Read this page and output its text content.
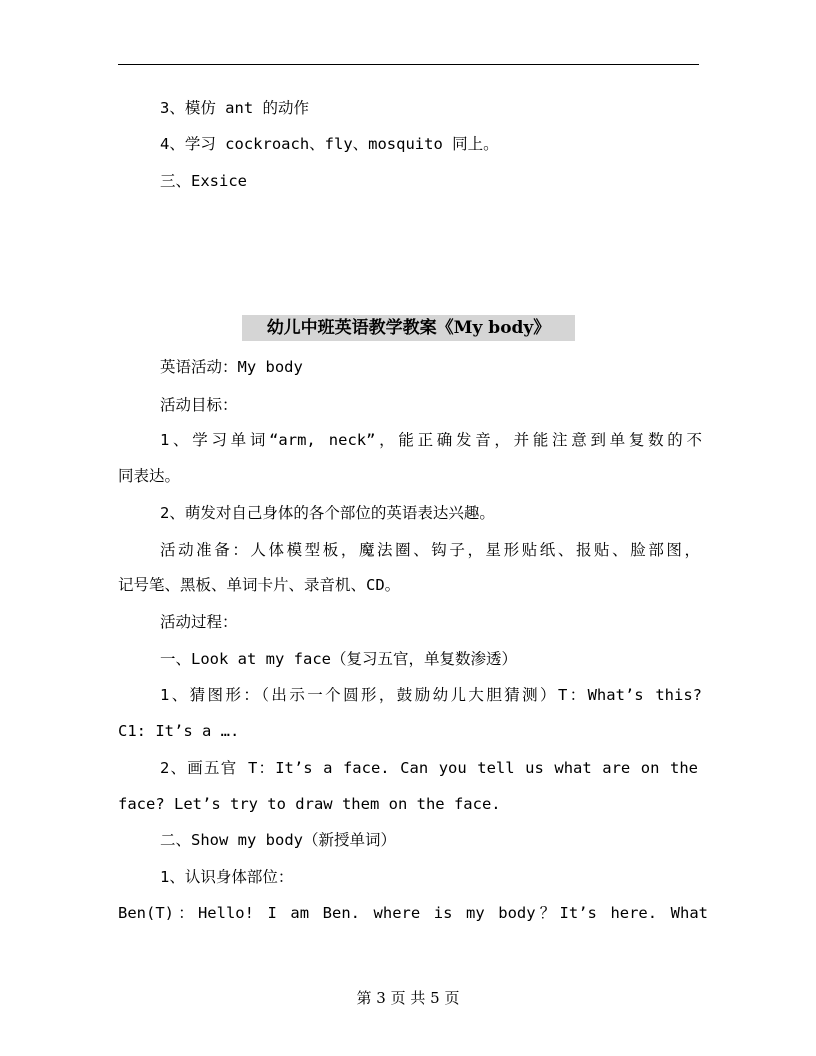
3、模仿 ant 的动作
4、学习 cockroach、fly、mosquito 同上。
三、Exsice
幼儿中班英语教学教案《My body》
英语活动：My body
活动目标：
1、学习单词“arm, neck”，能正确发音，并能注意到单复数的不
同表达。
2、萌发对自己身体的各个部位的英语表达兴趣。
活动准备：人体模型板，魔法圈、钩子，星形贴纸、报贴、脸部图，
记号笔、黑板、单词卡片、录音机、CD。
活动过程：
一、Look at my face（复习五官，单复数渗透）
1、猜图形：（出示一个圆形，鼓励幼儿大胆猜测）T：What’s this?
C1: It’s a ….
2、画五官 T：It’s a face. Can you tell us what are on the
face? Let’s try to draw them on the face.
二、Show my body（新授单词）
1、认识身体部位：
Ben(T)：Hello! I am Ben. where is my body？It’s here. What
第 3 页 共 5 页
